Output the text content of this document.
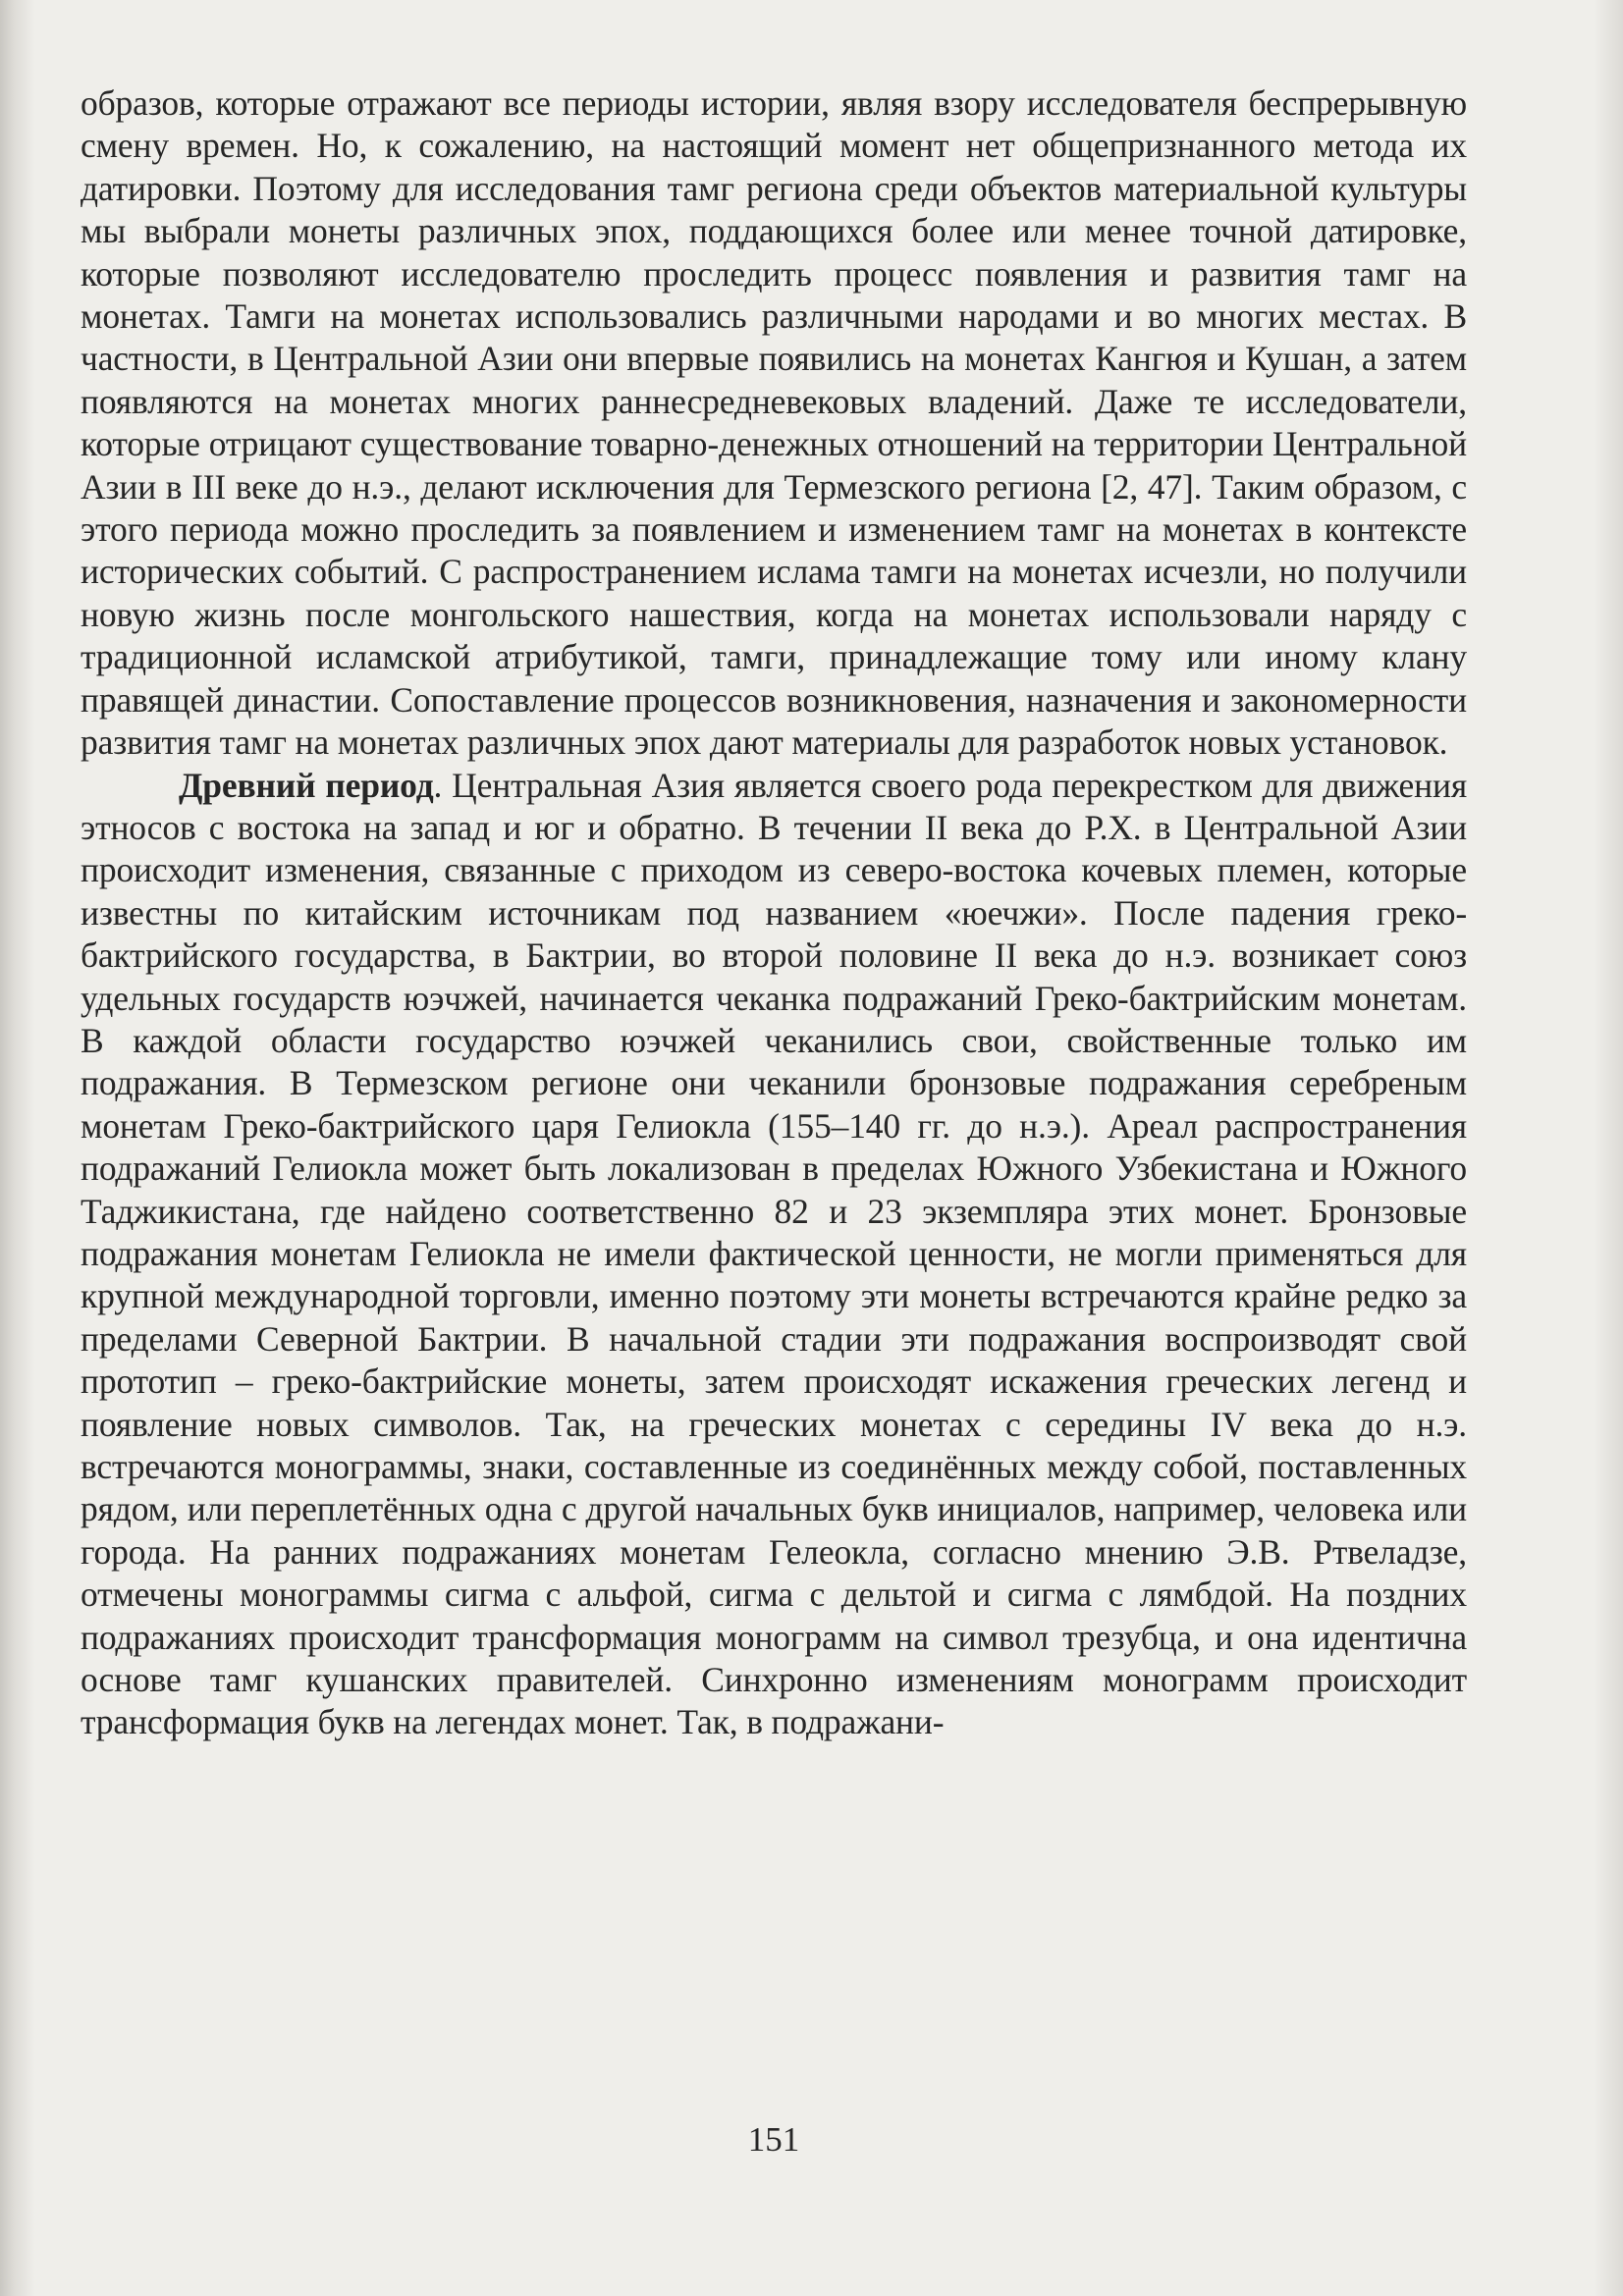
образов, которые отражают все периоды истории, являя взору исследователя беспрерывную смену времен. Но, к сожалению, на настоящий момент нет общепризнанного метода их датировки. Поэтому для исследования тамг региона среди объектов материальной культуры мы выбрали монеты различных эпох, поддающихся более или менее точной датировке, которые позволяют исследователю проследить процесс появления и развития тамг на монетах. Тамги на монетах использовались различными народами и во многих местах. В частности, в Центральной Азии они впервые появились на монетах Кангюя и Кушан, а затем появляются на монетах многих раннесредневековых владений. Даже те исследователи, которые отрицают существование товарно-денежных отношений на территории Центральной Азии в III веке до н.э., делают исключения для Термезского региона [2, 47]. Таким образом, с этого периода можно проследить за появлением и изменением тамг на монетах в контексте исторических событий. С распространением ислама тамги на монетах исчезли, но получили новую жизнь после монгольского нашествия, когда на монетах использовали наряду с традиционной исламской атрибутикой, тамги, принадлежащие тому или иному клану правящей династии. Сопоставление процессов возникновения, назначения и закономерности развития тамг на монетах различных эпох дают материалы для разработок новых установок.

Древний период. Центральная Азия является своего рода перекрестком для движения этносов с востока на запад и юг и обратно. В течении II века до Р.Х. в Центральной Азии происходит изменения, связанные с приходом из северо-востока кочевых племен, которые известны по китайским источникам под названием «юечжи». После падения греко-бактрийского государства, в Бактрии, во второй половине II века до н.э. возникает союз удельных государств юэчжей, начинается чеканка подражаний Греко-бактрийским монетам. В каждой области государство юэчжей чеканились свои, свойственные только им подражания. В Термезском регионе они чеканили бронзовые подражания серебреным монетам Греко-бактрийского царя Гелиокла (155–140 гг. до н.э.). Ареал распространения подражаний Гелиокла может быть локализован в пределах Южного Узбекистана и Южного Таджикистана, где найдено соответственно 82 и 23 экземпляра этих монет. Бронзовые подражания монетам Гелиокла не имели фактической ценности, не могли применяться для крупной международной торговли, именно поэтому эти монеты встречаются крайне редко за пределами Северной Бактрии. В начальной стадии эти подражания воспроизводят свой прототип – греко-бактрийские монеты, затем происходят искажения греческих легенд и появление новых символов. Так, на греческих монетах с середины IV века до н.э. встречаются монограммы, знаки, составленные из соединённых между собой, поставленных рядом, или переплетённых одна с другой начальных букв инициалов, например, человека или города. На ранних подражаниях монетам Гелеокла, согласно мнению Э.В. Ртвеладзе, отмечены монограммы сигма с альфой, сигма с дельтой и сигма с лямбдой. На поздних подражаниях происходит трансформация монограмм на символ трезубца, и она идентична основе тамг кушанских правителей. Синхронно изменениям монограмм происходит трансформация букв на легендах монет. Так, в подражани-

151
